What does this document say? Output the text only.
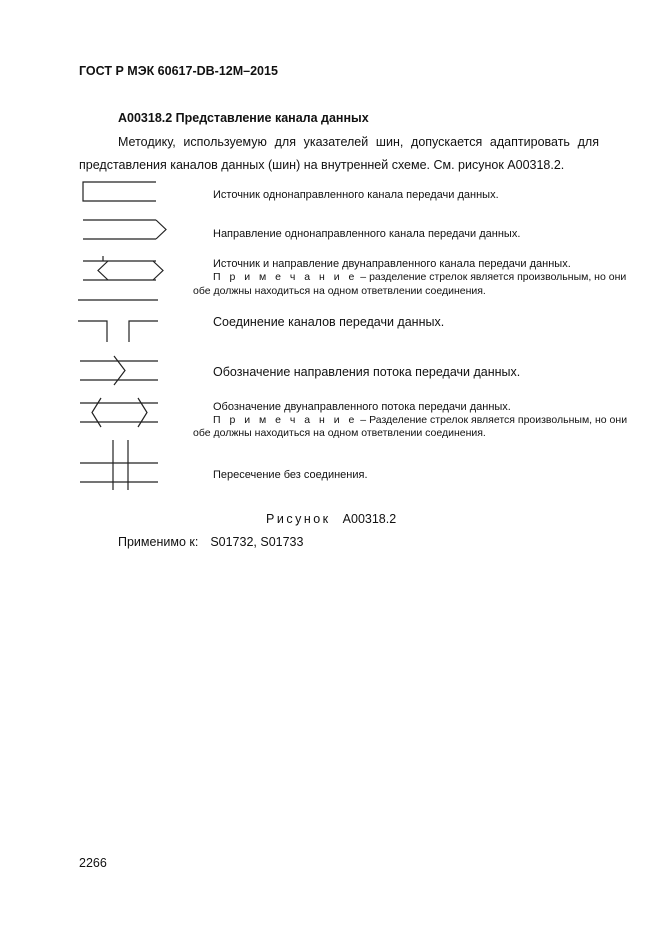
ГОСТ Р МЭК 60617-DB-12M–2015
A00318.2 Представление канала данных
Методику, используемую для указателей шин, допускается адаптировать для представления каналов данных (шин) на внутренней схеме. См. рисунок A00318.2.
Источник однонаправленного канала передачи данных.
Направление однонаправленного канала передачи данных.
Источник и направление двунаправленного канала передачи данных.
П р и м е ч а н и е – разделение стрелок является произвольным, но они
обе должны находиться на одном ответвлении соединения.
Соединение каналов передачи данных.
Обозначение направления потока передачи данных.
Обозначение двунаправленного потока передачи данных.
П р и м е ч а н и е – Разделение стрелок является произвольным, но они
обе должны находиться на одном ответвлении соединения.
Пересечение без соединения.
Рисунок A00318.2
Применимо к: S01732, S01733
2266
